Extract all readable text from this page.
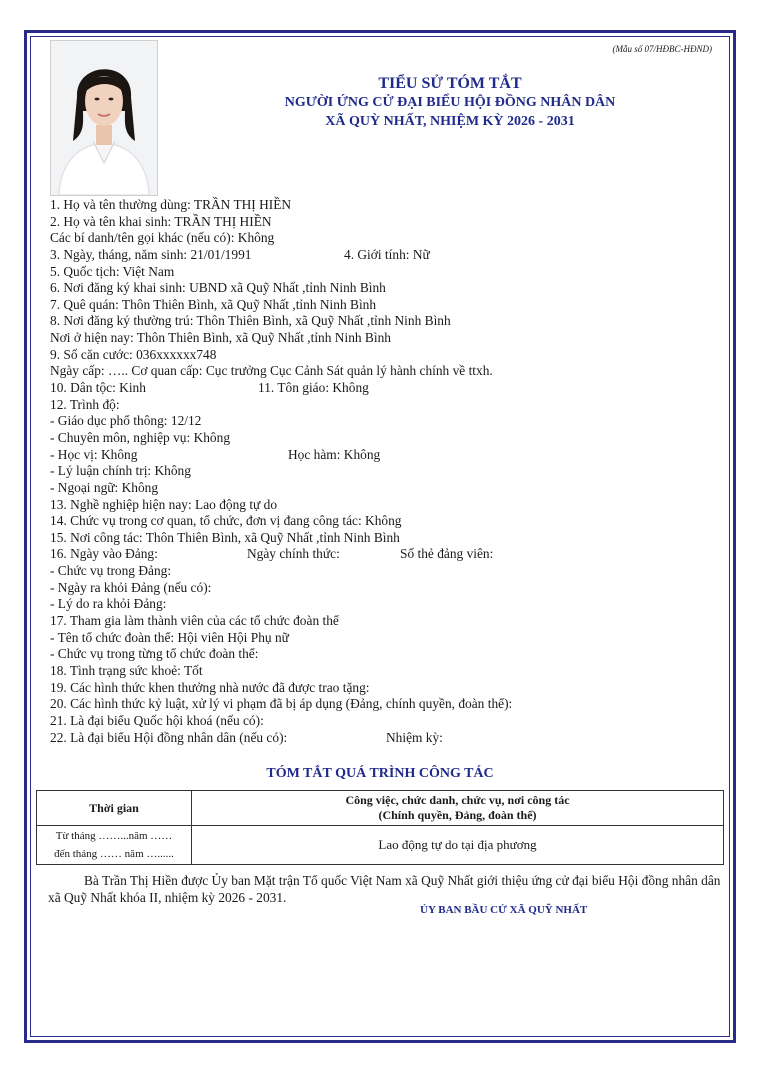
(Mẫu số 07/HĐBC-HĐND)
TIỂU SỬ TÓM TẮT
NGƯỜI ỨNG CỬ ĐẠI BIỂU HỘI ĐỒNG NHÂN DÂN
XÃ QUỲ NHẤT, NHIỆM KỲ 2026 - 2031
1. Họ và tên thường dùng: TRẦN THỊ HIỀN
2. Họ và tên khai sinh: TRẦN THỊ HIỀN
Các bí danh/tên gọi khác (nếu có): Không
3. Ngày, tháng, năm sinh: 21/01/1991	4. Giới tính: Nữ
5. Quốc tịch: Việt Nam
6. Nơi đăng ký khai sinh: UBND xã Quỹ Nhất ,tỉnh Ninh Bình
7. Quê quán: Thôn Thiên Bình, xã Quỹ Nhất ,tỉnh Ninh Bình
8. Nơi đăng ký thường trú: Thôn Thiên Bình, xã Quỹ Nhất ,tỉnh Ninh Bình
Nơi ở hiện nay: Thôn Thiên Bình, xã Quỹ Nhất ,tỉnh Ninh Bình
9. Số căn cước: 036xxxxxx748
Ngày cấp: ….. Cơ quan cấp: Cục trưởng Cục Cảnh Sát quản lý hành chính về ttxh.
10. Dân tộc: Kinh	11. Tôn giáo: Không
12. Trình độ:
- Giáo dục phổ thông: 12/12
- Chuyên môn, nghiệp vụ: Không
- Học vị: Không	Học hàm: Không
- Lý luận chính trị: Không
- Ngoại ngữ: Không
13. Nghề nghiệp hiện nay: Lao động tự do
14. Chức vụ trong cơ quan, tổ chức, đơn vị đang công tác: Không
15. Nơi công tác: Thôn Thiên Bình, xã Quỹ Nhất ,tỉnh Ninh Bình
16. Ngày vào Đảng:	Ngày chính thức:	Số thẻ đảng viên:
- Chức vụ trong Đảng:
- Ngày ra khỏi Đảng (nếu có):
- Lý do ra khỏi Đảng:
17. Tham gia làm thành viên của các tổ chức đoàn thể
- Tên tổ chức đoàn thể: Hội viên Hội Phụ nữ
- Chức vụ trong từng tổ chức đoàn thể:
18. Tình trạng sức khoẻ: Tốt
19. Các hình thức khen thưởng nhà nước đã được trao tặng:
20. Các hình thức kỷ luật, xử lý vi phạm đã bị áp dụng (Đảng, chính quyền, đoàn thể):
21. Là đại biểu Quốc hội khoá (nếu có):
22. Là đại biểu Hội đồng nhân dân (nếu có):	Nhiệm kỳ:
TÓM TẮT QUÁ TRÌNH CÔNG TÁC
Thời gian	Công việc, chức danh, chức vụ, nơi công tác
(Chính quyền, Đảng, đoàn thể)

Từ tháng ……...năm ……
đến tháng …… năm …......	Lao động tự do tại địa phương
Bà Trần Thị Hiền được Ủy ban Mặt trận Tổ quốc Việt Nam xã Quỹ Nhất giới thiệu ứng cử đại biểu Hội đồng nhân dân xã Quỹ Nhất khóa II, nhiệm kỳ 2026 - 2031.
ỦY BAN BẦU CỬ XÃ QUỸ NHẤT
